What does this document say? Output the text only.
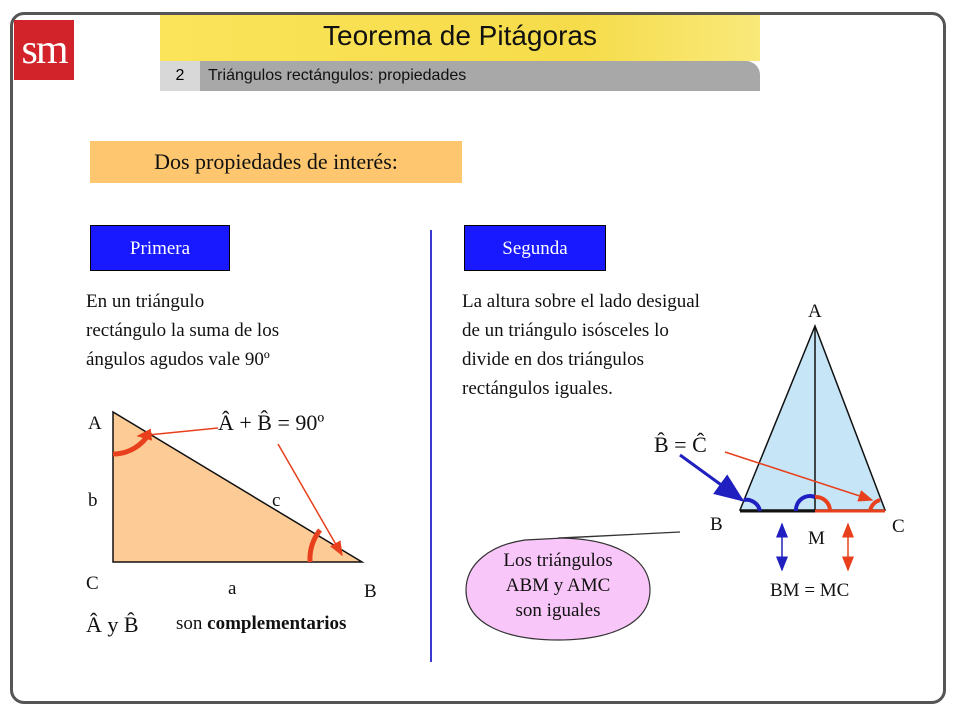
sm	Teorema de Pitágoras
2	Triángulos rectángulos: propiedades
Dos propiedades de interés:
Primera	Segunda
En un triángulo
rectángulo la suma de los
ángulos agudos vale 90º
La altura sobre el lado desigual
de un triángulo isósceles lo
divide en dos triángulos
rectángulos iguales.
A
b	c
C	a	B
Â + B̂ = 90º
Â y B̂ son complementarios
A
B̂ = Ĉ
B
M
C
BM = MC
Los triángulos
ABM y AMC
son iguales
